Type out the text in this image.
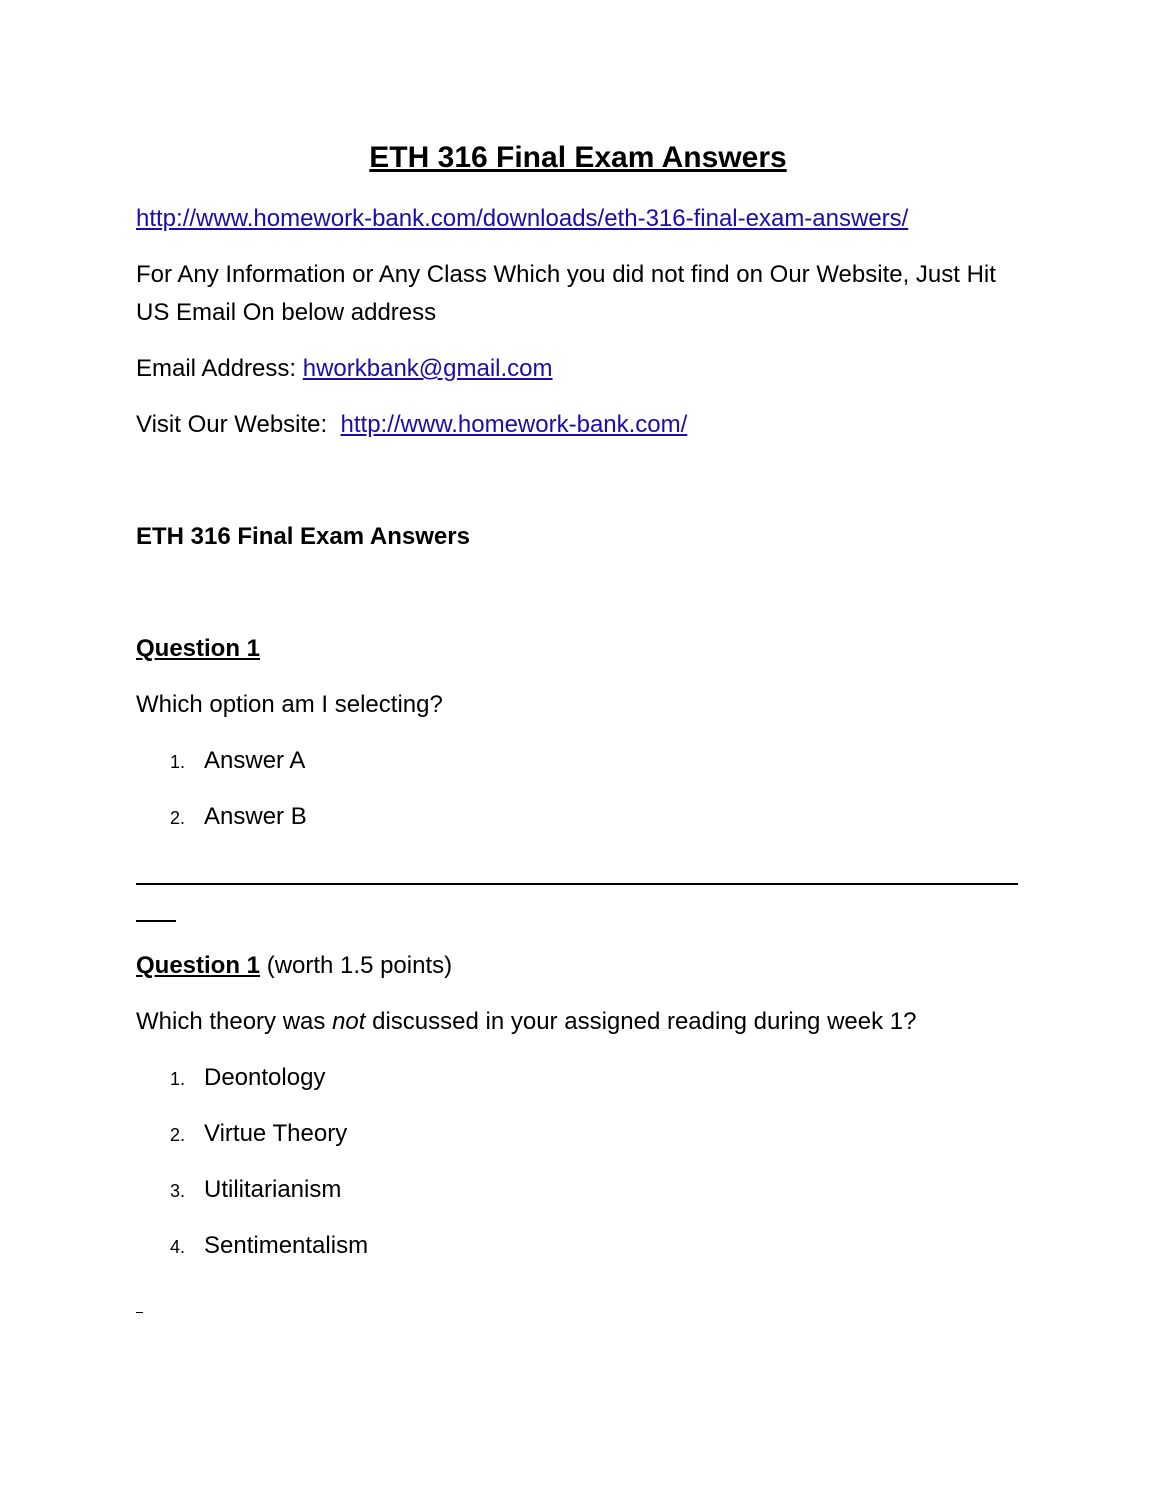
ETH 316 Final Exam Answers
http://www.homework-bank.com/downloads/eth-316-final-exam-answers/
For Any Information or Any Class Which you did not find on Our Website, Just Hit
US Email On below address
Email Address: hworkbank@gmail.com
Visit Our Website:  http://www.homework-bank.com/
ETH 316 Final Exam Answers
Question 1
Which option am I selecting?
1. Answer A
2. Answer B
Question 1 (worth 1.5 points)
Which theory was not discussed in your assigned reading during week 1?
1. Deontology
2. Virtue Theory
3. Utilitarianism
4. Sentimentalism
